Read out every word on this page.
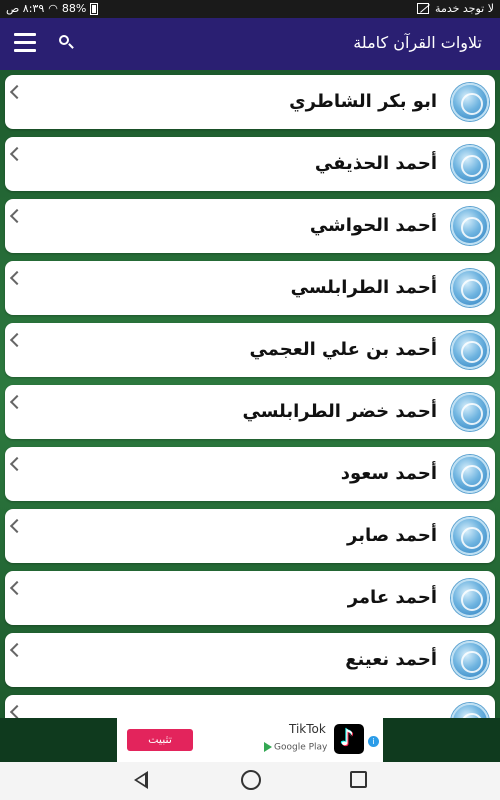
٨:٣٩ ص ◠ 88%	لا توجد خدمة
تلاوات القرآن كاملة
ابو بكر الشاطري
أحمد الحذيفي
أحمد الحواشي
أحمد الطرابلسي
أحمد بن علي العجمي
أحمد خضر الطرابلسي
أحمد سعود
أحمد صابر
أحمد عامر
أحمد نعينع
تثبيت
TikTok
Google Play
♪
i
